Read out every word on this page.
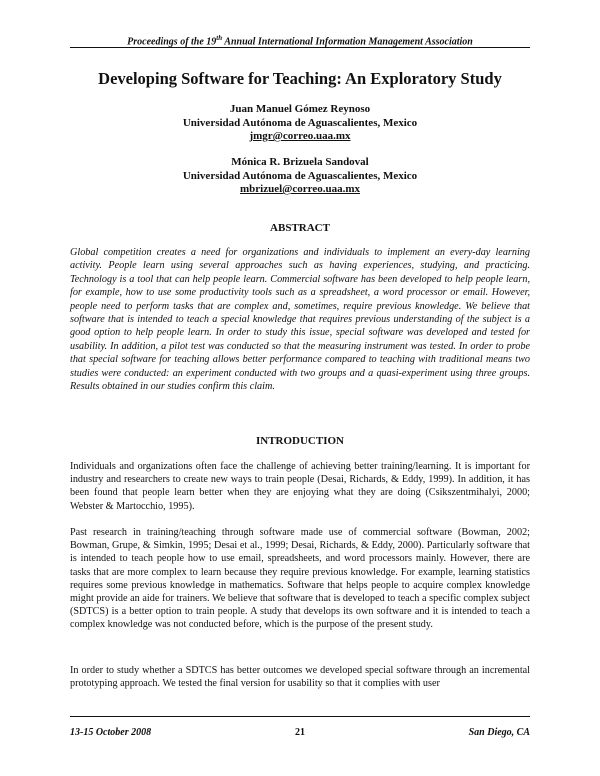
Proceedings of the 19th Annual International Information Management Association
Developing Software for Teaching: An Exploratory Study
Juan Manuel Gómez Reynoso
Universidad Autónoma de Aguascalientes, Mexico
jmgr@correo.uaa.mx
Mónica R. Brizuela Sandoval
Universidad Autónoma de Aguascalientes, Mexico
mbrizuel@correo.uaa.mx
ABSTRACT
Global competition creates a need for organizations and individuals to implement an every-day learning activity. People learn using several approaches such as having experiences, studying, and practicing. Technology is a tool that can help people learn. Commercial software has been developed to help people learn, for example, how to use some productivity tools such as a spreadsheet, a word processor or email. However, people need to perform tasks that are complex and, sometimes, require previous knowledge. We believe that software that is intended to teach a special knowledge that requires previous understanding of the subject is a good option to help people learn. In order to study this issue, special software was developed and tested for usability. In addition, a pilot test was conducted so that the measuring instrument was tested. In order to probe that special software for teaching allows better performance compared to teaching with traditional means two studies were conducted: an experiment conducted with two groups and a quasi-experiment using three groups. Results obtained in our studies confirm this claim.
INTRODUCTION
Individuals and organizations often face the challenge of achieving better training/learning. It is important for industry and researchers to create new ways to train people (Desai, Richards, & Eddy, 1999). In addition, it has been found that people learn better when they are enjoying what they are doing (Csikszentmihalyi, 2000; Webster & Martocchio, 1995).
Past research in training/teaching through software made use of commercial software (Bowman, 2002; Bowman, Grupe, & Simkin, 1995; Desai et al., 1999; Desai, Richards, & Eddy, 2000). Particularly software that is intended to teach people how to use email, spreadsheets, and word processors mainly. However, there are tasks that are more complex to learn because they require previous knowledge. For example, learning statistics requires some previous knowledge in mathematics. Software that helps people to acquire complex knowledge might provide an aide for trainers. We believe that software that is developed to teach a specific complex subject (SDTCS) is a better option to train people. A study that develops its own software and it is intended to teach a complex knowledge was not conducted before, which is the purpose of the present study.
In order to study whether a SDTCS has better outcomes we developed special software through an incremental prototyping approach. We tested the final version for usability so that it complies with user
13-15 October 2008	21	San Diego, CA
